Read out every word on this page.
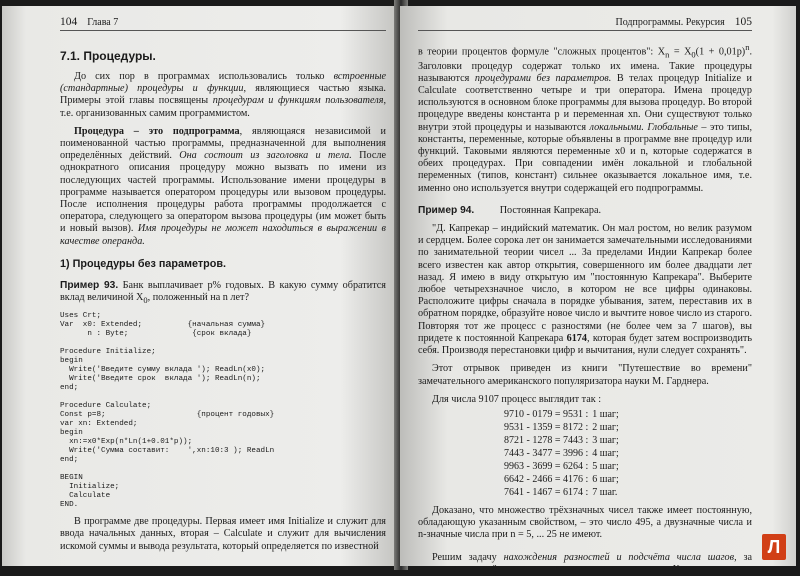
104 Глава 7
7.1. Процедуры.

До сих пор в программах использовались только встроенные (стандартные) процедуры и функции, являющиеся частью языка. Примеры этой главы посвящены процедурам и функциям пользователя, т.е. организованных самим программистом.

Процедура – это подпрограмма, являющаяся независимой и поименованной частью программы, предназначенной для выполнения определённых действий. Она состоит из заголовка и тела. После однократного описания процедуру можно вызвать по имени из последующих частей программы. Использование имени процедуры в программе называется оператором процедуры или вызовом процедуры. После исполнения процедуры работа программы продолжается с оператора, следующего за оператором вызова процедуры (им может быть и новый вызов). Имя процедуры не может находиться в выражении в качестве операнда.

1) Процедуры без параметров.

Пример 93. Банк выплачивает p% годовых. В какую сумму обратится вклад величиной $X_0$, положенный на n лет?

Uses Crt;
Var  x0: Extended;          {начальная сумма}
n : Byte;              {срок вклада}

Procedure Initialize;
begin
Write('Введите сумму вклада '); ReadLn(x0);
Write('Введите срок  вклада '); ReadLn(n);
end;

Procedure Calculate;
Const p=8;                    {процент годовых}
var xn: Extended;
begin
xn:=x0*Exp(n*Ln(1+0.01*p));
Write('Сумма составит:    ',xn:10:3 ); ReadLn
end;

BEGIN
Initialize;
Calculate
END.

В программе две процедуры. Первая имеет имя Initialize и служит для ввода начальных данных, вторая – Calculate и служит для вычисления искомой суммы и вывода результата, который определяется по известной

Подпрограммы. Рекурсия 105

в теории процентов формуле "сложных процентов": $X_n = X_0(1 + 0,01p)^n$. Заголовки процедур содержат только их имена. Такие процедуры называются процедурами без параметров. В телах процедур Initialize и Calculate соответственно четыре и три оператора. Имена процедур используются в основном блоке программы для вызова процедур. Во второй процедуре введены константа p и переменная xn. Они существуют только внутри этой процедуры и называются локальными. Глобальные – это типы, константы, переменные, которые объявлены в программе вне процедур или функций. Таковыми являются переменные x0 и n, которые содержатся в обеих процедурах. При совпадении имён локальной и глобальной переменных (типов, констант) сильнее оказывается локальное имя, т.е. именно оно используется внутри содержащей его подпрограммы.

Пример 94. Постоянная Капрекара.

"Д. Капрекар – индийский математик. Он мал ростом, но велик разумом и сердцем. Более сорока лет он занимается замечательными исследованиями по занимательной теории чисел ... За пределами Индии Капрекар более всего известен как автор открытия, совершенного им более двадцати лет назад. Я имею в виду открытую им "постоянную Капрекара". Выберите любое четырехзначное число, в котором не все цифры одинаковы. Расположите цифры сначала в порядке убывания, затем, переставив их в обратном порядке, образуйте новое число и вычтите новое число из старого. Повторяя тот же процесс с разностями (не более чем за 7 шагов), вы придете к постоянной Капрекара 6174, которая будет затем воспроизводить себя. Производя перестановки цифр и вычитания, нули следует сохранять".

Этот отрывок приведен из книги "Путешествие во времени" замечательного американского популяризатора науки М. Гарднера.

Для числа 9107 процесс выглядит так :

9710 - 0179 = 9531 :	1 шаг;
9531 - 1359 = 8172 :	2 шаг;
8721 - 1278 = 7443 :	3 шаг;
7443 - 3477 = 3996 :	4 шаг;
9963 - 3699 = 6264 :	5 шаг;
6642 - 2466 = 4176 :	6 шаг;
7641 - 1467 = 6174 :	7 шаг.

Доказано, что множество трёхзначных чисел также имеет постоянную, обладающую указанным свойством, – это число 495, а двузначные числа и n-значные числа при n = 5, ... 25 не имеют.

Решим задачу нахождения разностей и подсчёта числа шагов, за которое из четырёхзначного числа получается постоянная Капрекара.

Л
